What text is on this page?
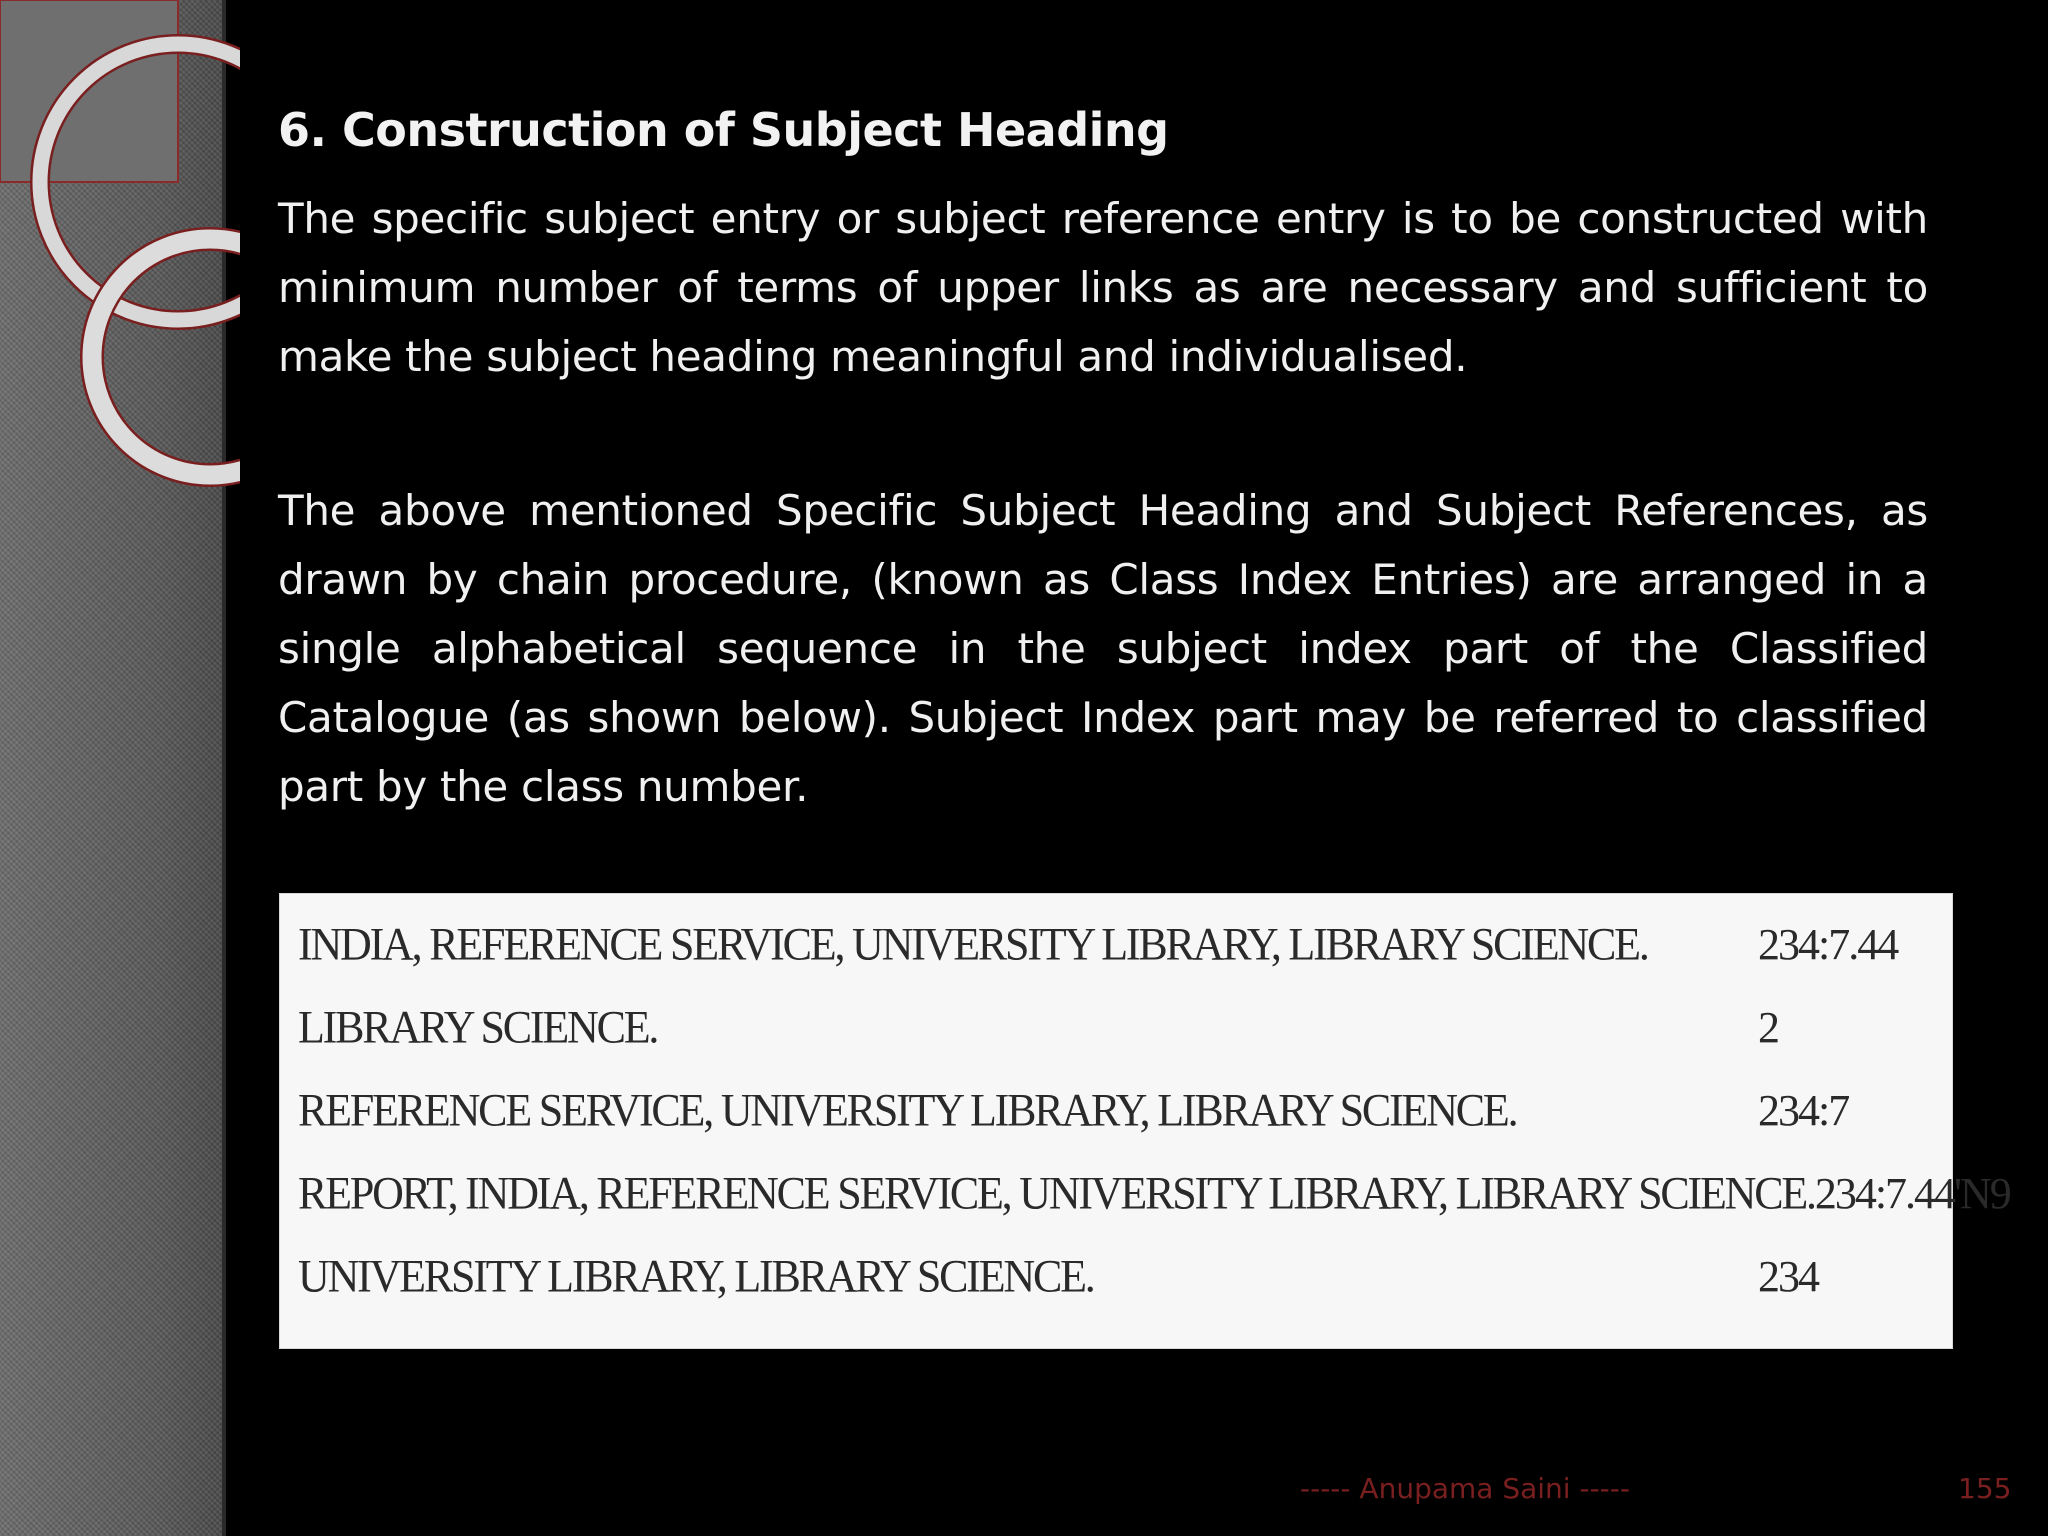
6. Construction of Subject Heading

The specific subject entry or subject reference entry is to be constructed with minimum number of terms of upper links as are necessary and sufficient to make the subject heading meaningful and individualised.

The above mentioned Specific Subject Heading and Subject References, as drawn by chain procedure, (known as Class Index Entries) are arranged in a single alphabetical sequence in the subject index part of the Classified Catalogue (as shown below). Subject Index part may be referred to classified part by the class number.

INDIA, REFERENCE SERVICE, UNIVERSITY LIBRARY, LIBRARY SCIENCE.	234:7.44
LIBRARY SCIENCE.	2
REFERENCE SERVICE, UNIVERSITY LIBRARY, LIBRARY SCIENCE.	234:7
REPORT, INDIA, REFERENCE SERVICE, UNIVERSITY LIBRARY, LIBRARY SCIENCE. 234:7.44'N9
UNIVERSITY LIBRARY, LIBRARY SCIENCE.	234
----- Anupama Saini -----	155
